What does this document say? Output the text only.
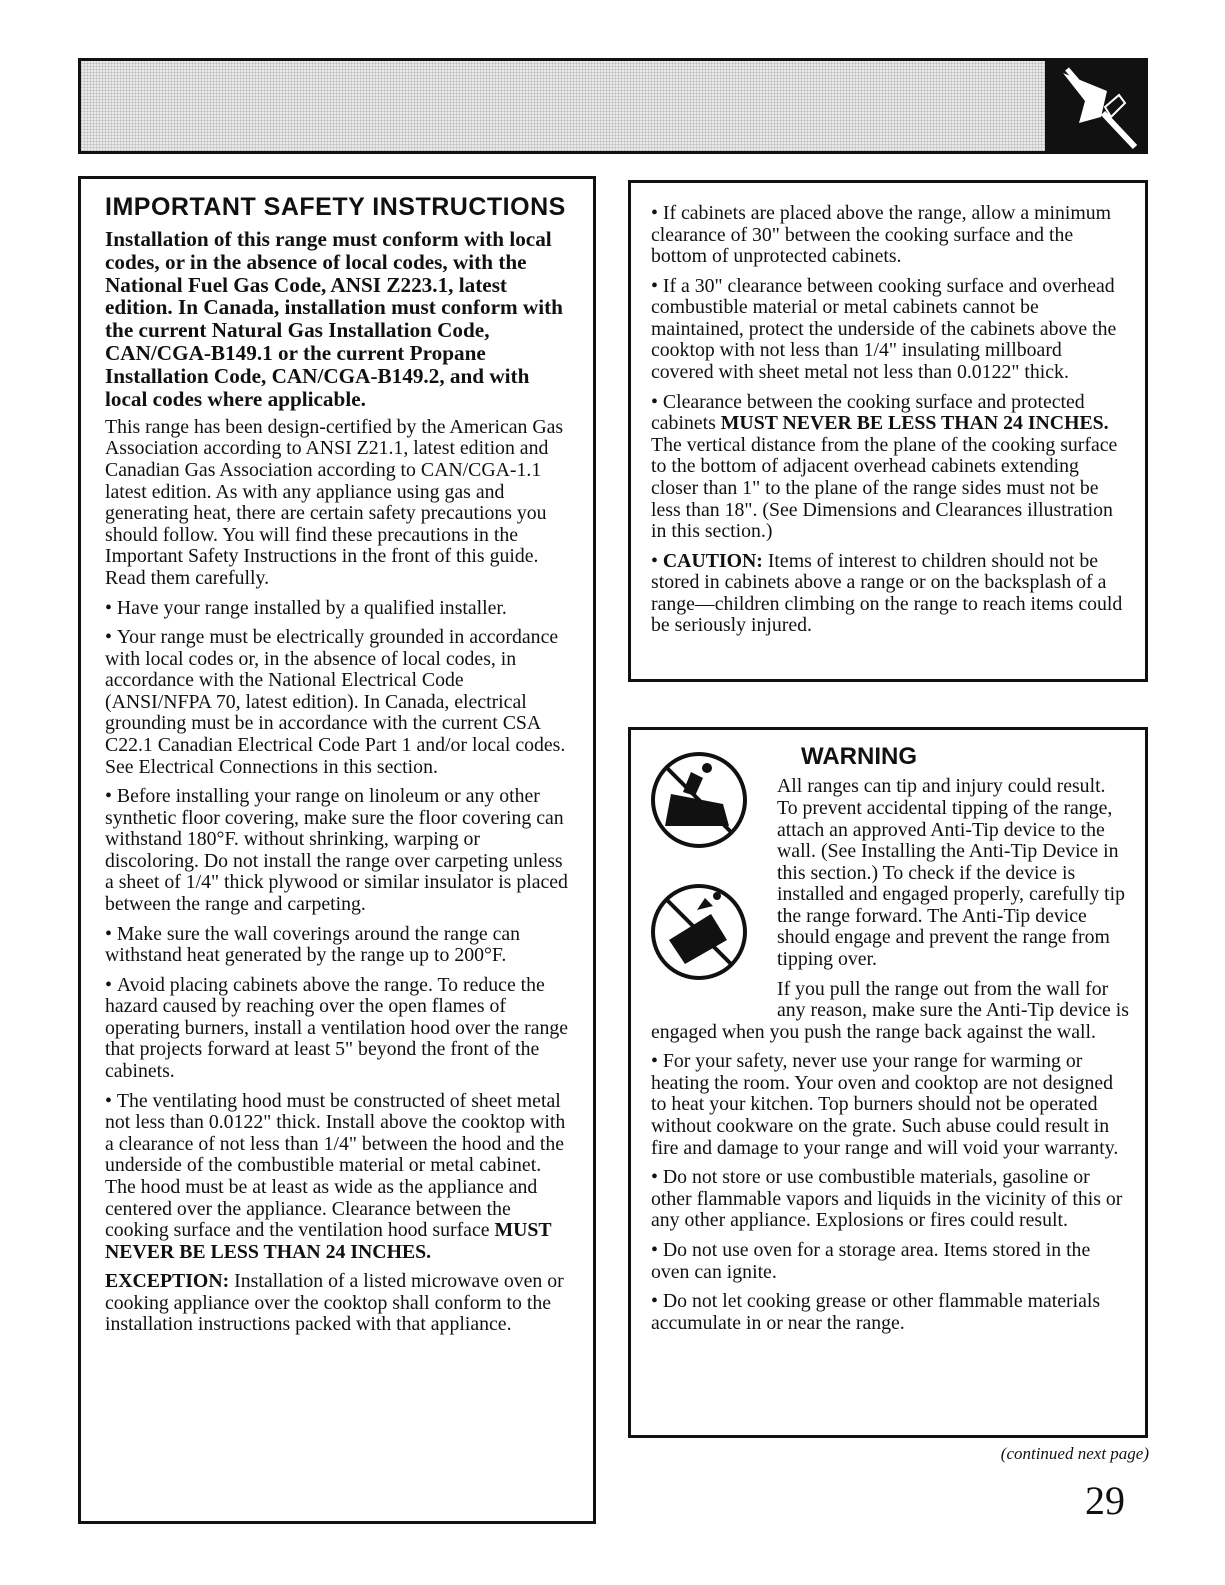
IMPORTANT SAFETY INSTRUCTIONS

Installation of this range must conform with local codes, or in the absence of local codes, with the National Fuel Gas Code, ANSI Z223.1, latest edition. In Canada, installation must conform with the current Natural Gas Installation Code, CAN/CGA-B149.1 or the current Propane Installation Code, CAN/CGA-B149.2, and with local codes where applicable.

This range has been design-certified by the American Gas Association according to ANSI Z21.1, latest edition and Canadian Gas Association according to CAN/CGA-1.1 latest edition. As with any appliance using gas and generating heat, there are certain safety precautions you should follow. You will find these precautions in the Important Safety Instructions in the front of this guide. Read them carefully.

• Have your range installed by a qualified installer.

• Your range must be electrically grounded in accordance with local codes or, in the absence of local codes, in accordance with the National Electrical Code (ANSI/NFPA 70, latest edition). In Canada, electrical grounding must be in accordance with the current CSA C22.1 Canadian Electrical Code Part 1 and/or local codes. See Electrical Connections in this section.

• Before installing your range on linoleum or any other synthetic floor covering, make sure the floor covering can withstand 180°F. without shrinking, warping or discoloring. Do not install the range over carpeting unless a sheet of 1/4" thick plywood or similar insulator is placed between the range and carpeting.

• Make sure the wall coverings around the range can withstand heat generated by the range up to 200°F.

• Avoid placing cabinets above the range. To reduce the hazard caused by reaching over the open flames of operating burners, install a ventilation hood over the range that projects forward at least 5" beyond the front of the cabinets.

• The ventilating hood must be constructed of sheet metal not less than 0.0122" thick. Install above the cooktop with a clearance of not less than 1/4" between the hood and the underside of the combustible material or metal cabinet. The hood must be at least as wide as the appliance and centered over the appliance. Clearance between the cooking surface and the ventilation hood surface MUST NEVER BE LESS THAN 24 INCHES.

EXCEPTION: Installation of a listed microwave oven or cooking appliance over the cooktop shall conform to the installation instructions packed with that appliance.

• If cabinets are placed above the range, allow a minimum clearance of 30" between the cooking surface and the bottom of unprotected cabinets.

• If a 30" clearance between cooking surface and overhead combustible material or metal cabinets cannot be maintained, protect the underside of the cabinets above the cooktop with not less than 1/4" insulating millboard covered with sheet metal not less than 0.0122" thick.

• Clearance between the cooking surface and protected cabinets MUST NEVER BE LESS THAN 24 INCHES. The vertical distance from the plane of the cooking surface to the bottom of adjacent overhead cabinets extending closer than 1" to the plane of the range sides must not be less than 18". (See Dimensions and Clearances illustration in this section.)

• CAUTION: Items of interest to children should not be stored in cabinets above a range or on the backsplash of a range—children climbing on the range to reach items could be seriously injured.

WARNING

All ranges can tip and injury could result. To prevent accidental tipping of the range, attach an approved Anti-Tip device to the wall. (See Installing the Anti-Tip Device in this section.) To check if the device is installed and engaged properly, carefully tip the range forward. The Anti-Tip device should engage and prevent the range from tipping over.

If you pull the range out from the wall for any reason, make sure the Anti-Tip device is engaged when you push the range back against the wall.

• For your safety, never use your range for warming or heating the room. Your oven and cooktop are not designed to heat your kitchen. Top burners should not be operated without cookware on the grate. Such abuse could result in fire and damage to your range and will void your warranty.

• Do not store or use combustible materials, gasoline or other flammable vapors and liquids in the vicinity of this or any other appliance. Explosions or fires could result.

• Do not use oven for a storage area. Items stored in the oven can ignite.

• Do not let cooking grease or other flammable materials accumulate in or near the range.

(continued next page)
29
